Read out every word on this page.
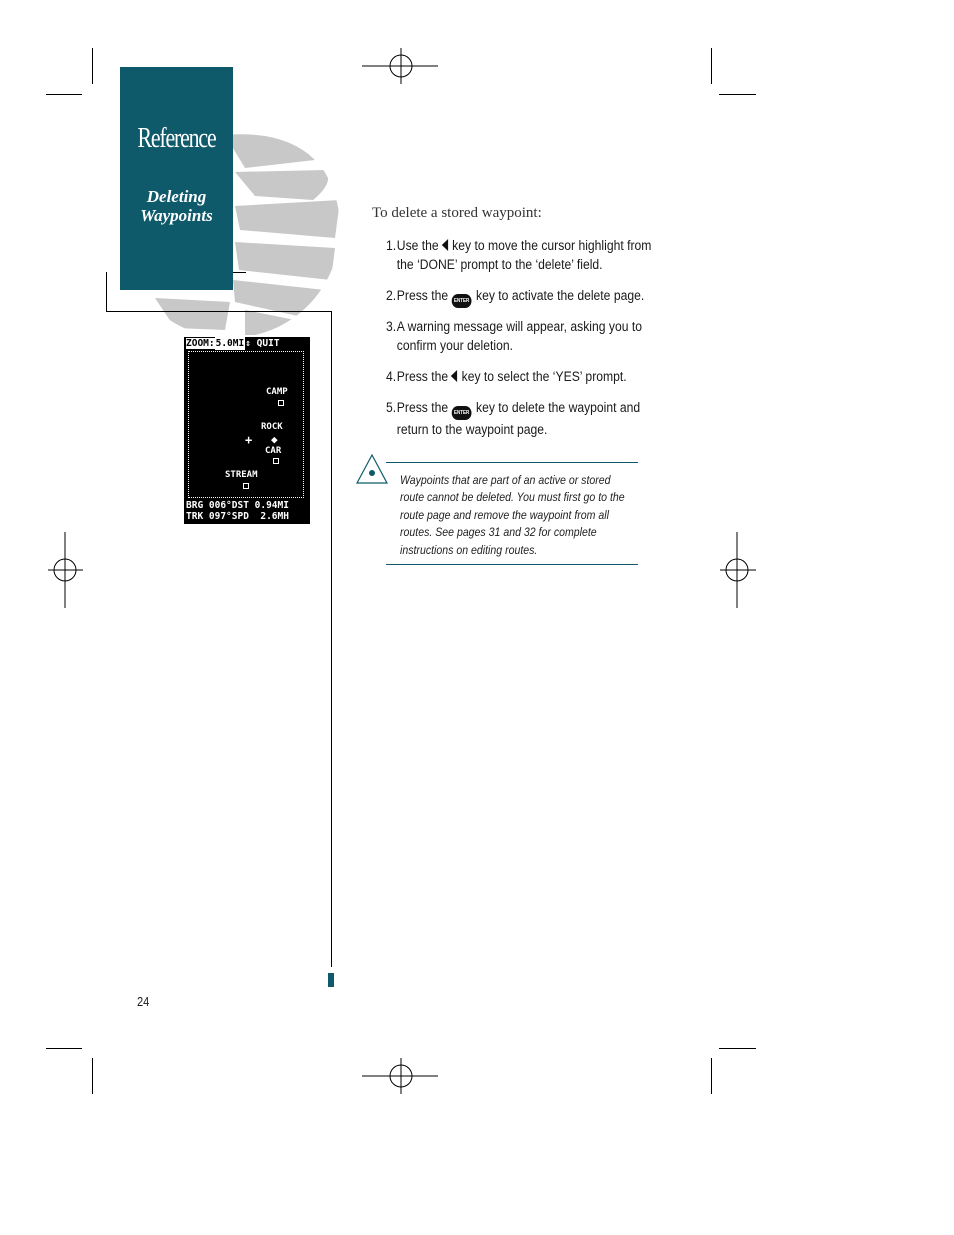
Reference
Deleting
Waypoints
ZOOM:5.0MI⇕ QUIT
CAMP
ROCK
+ ◆
CAR
STREAM
BRG 006°DST 0.94MI
TRK 097°SPD  2.6MH
To delete a stored waypoint:
1.Use the key to move the cursor highlight from
the ‘DONE’ prompt to the ‘delete’ field.
2.Press the ENTER key to activate the delete page.
3.A warning message will appear, asking you to
confirm your deletion.
4.Press the key to select the ‘YES’ prompt.
5.Press the ENTER key to delete the waypoint and
return to the waypoint page.
Waypoints that are part of an active or stored
route cannot be deleted. You must first go to the
route page and remove the waypoint from all
routes. See pages 31 and 32 for complete
instructions on editing routes.
24
